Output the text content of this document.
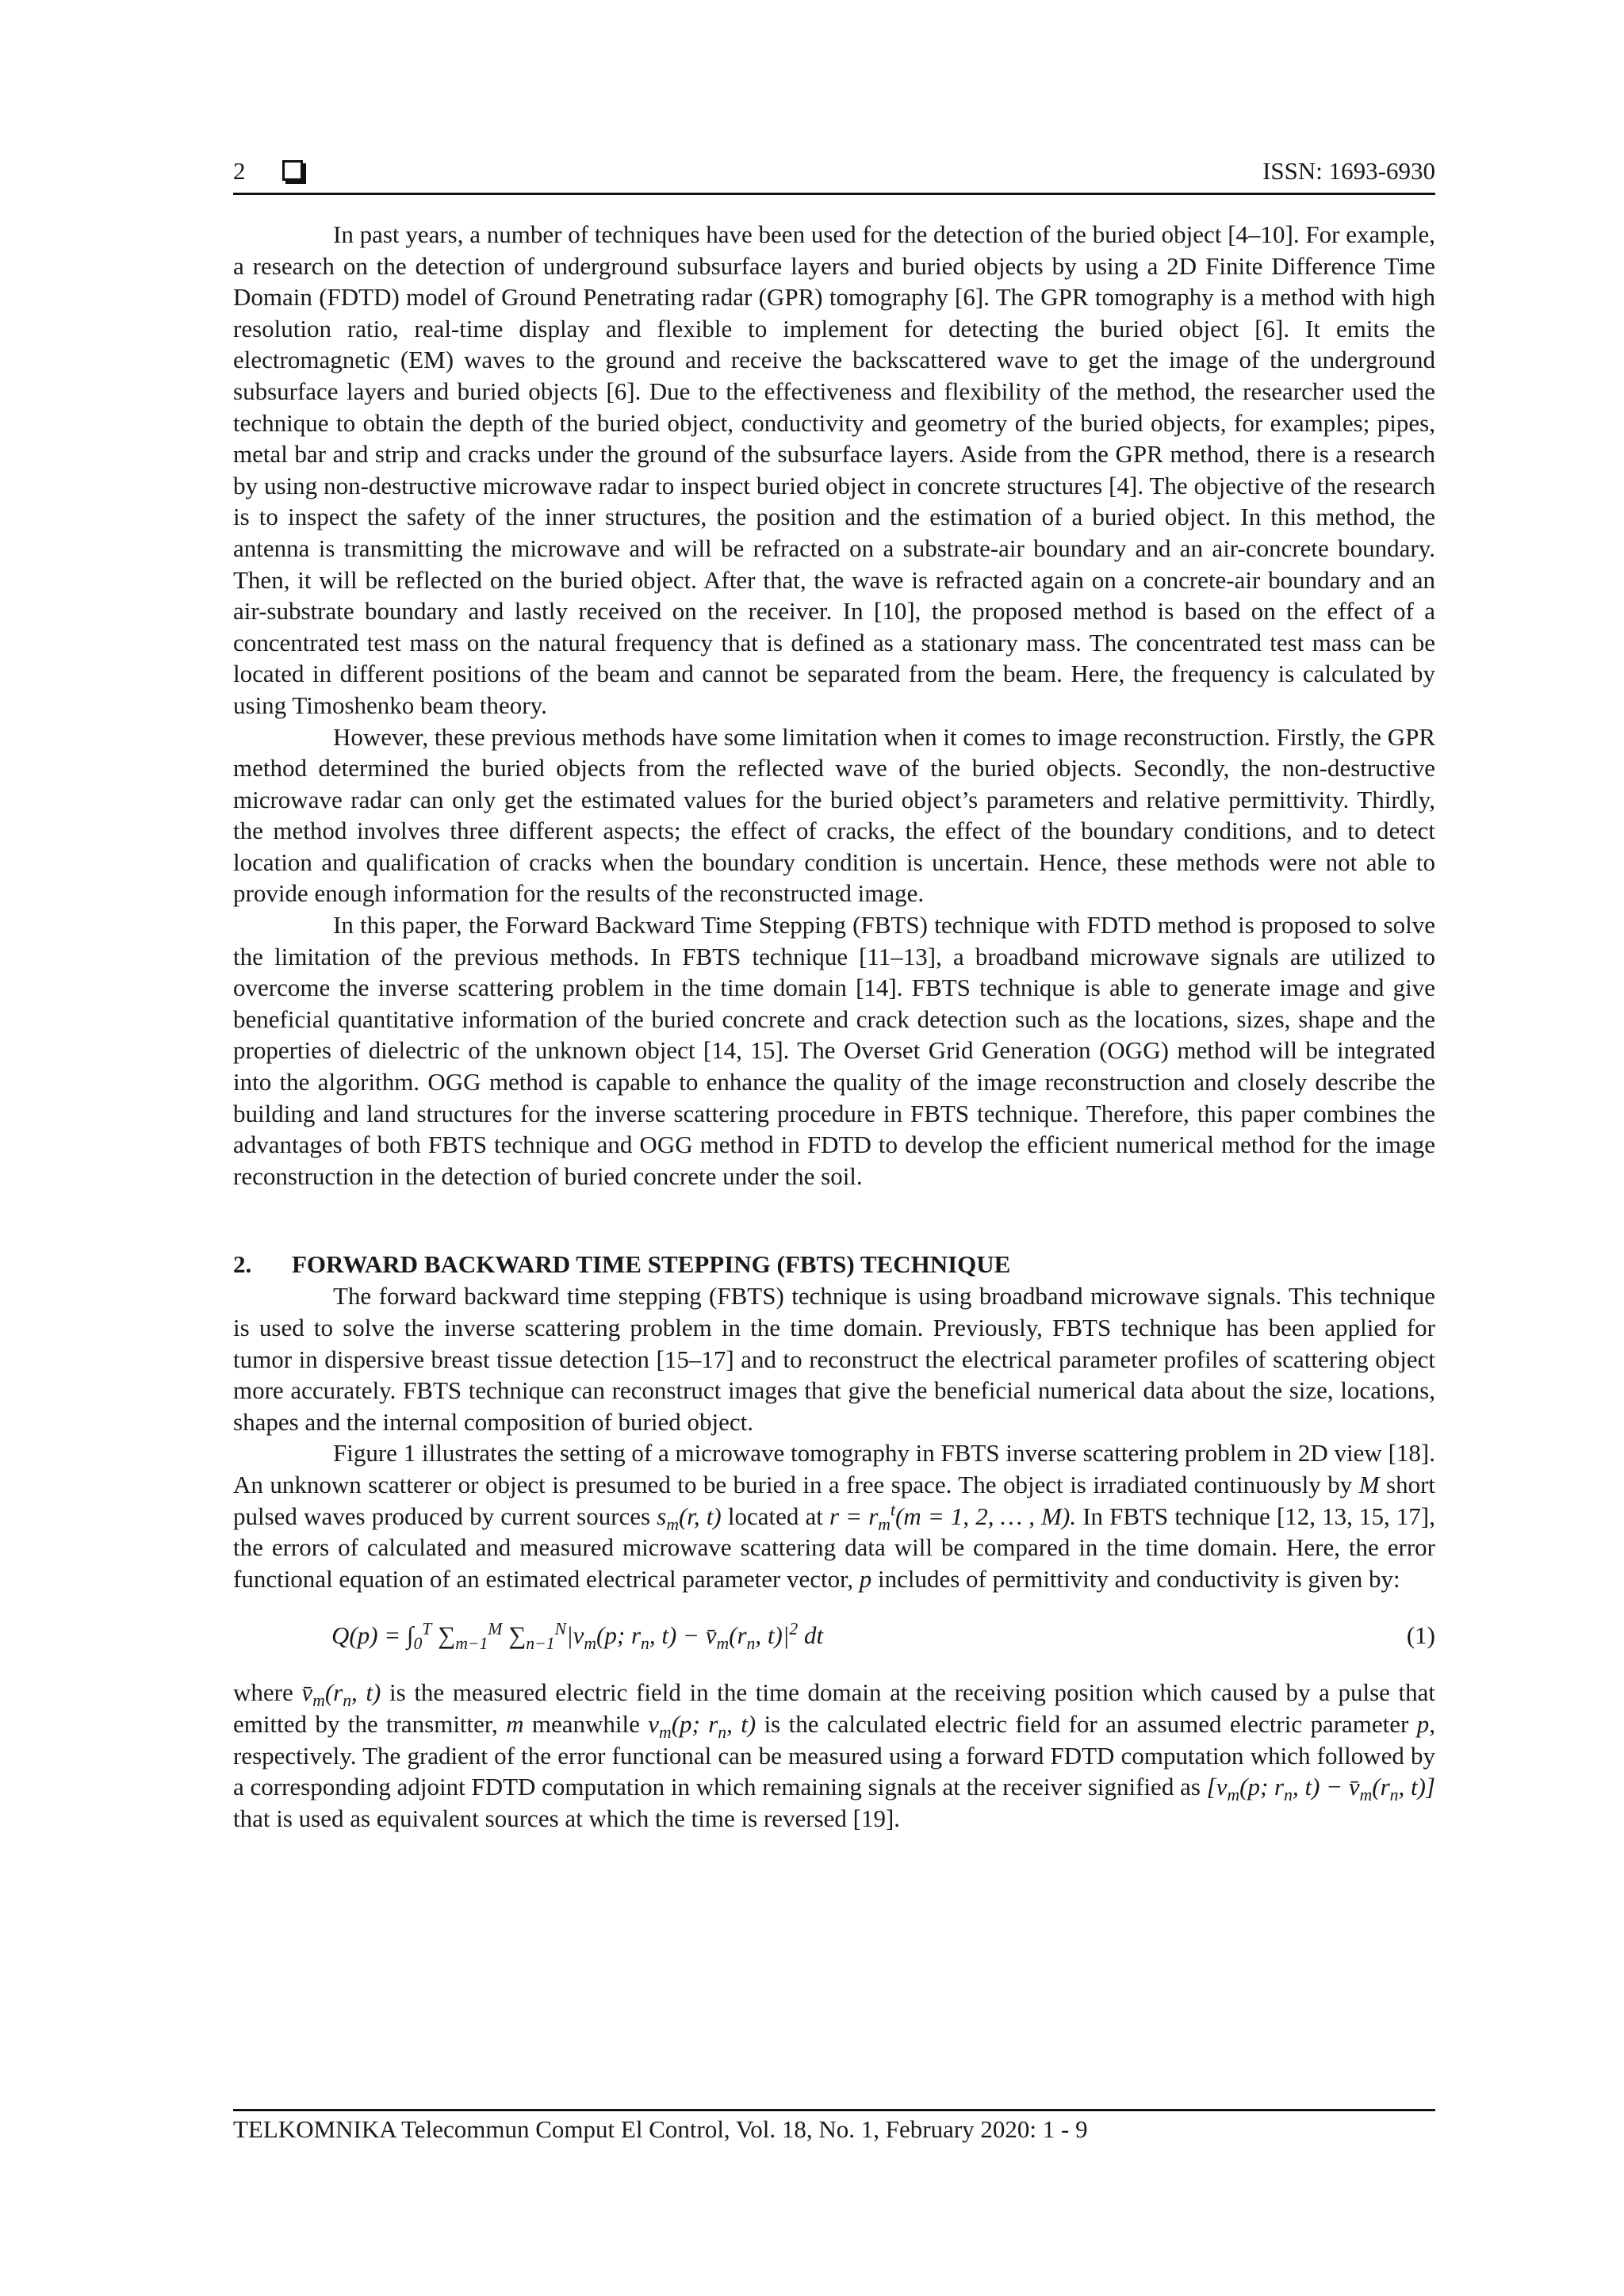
2	ISSN: 1693-6930

In past years, a number of techniques have been used for the detection of the buried object [4–10]. For example, a research on the detection of underground subsurface layers and buried objects by using a 2D Finite Difference Time Domain (FDTD) model of Ground Penetrating radar (GPR) tomography [6]. The GPR tomography is a method with high resolution ratio, real-time display and flexible to implement for detecting the buried object [6]. It emits the electromagnetic (EM) waves to the ground and receive the backscattered wave to get the image of the underground subsurface layers and buried objects [6]. Due to the effectiveness and flexibility of the method, the researcher used the technique to obtain the depth of the buried object, conductivity and geometry of the buried objects, for examples; pipes, metal bar and strip and cracks under the ground of the subsurface layers. Aside from the GPR method, there is a research by using non-destructive microwave radar to inspect buried object in concrete structures [4]. The objective of the research is to inspect the safety of the inner structures, the position and the estimation of a buried object. In this method, the antenna is transmitting the microwave and will be refracted on a substrate-air boundary and an air-concrete boundary. Then, it will be reflected on the buried object. After that, the wave is refracted again on a concrete-air boundary and an air-substrate boundary and lastly received on the receiver. In [10], the proposed method is based on the effect of a concentrated test mass on the natural frequency that is defined as a stationary mass. The concentrated test mass can be located in different positions of the beam and cannot be separated from the beam. Here, the frequency is calculated by using Timoshenko beam theory.

However, these previous methods have some limitation when it comes to image reconstruction. Firstly, the GPR method determined the buried objects from the reflected wave of the buried objects. Secondly, the non-destructive microwave radar can only get the estimated values for the buried object’s parameters and relative permittivity. Thirdly, the method involves three different aspects; the effect of cracks, the effect of the boundary conditions, and to detect location and qualification of cracks when the boundary condition is uncertain. Hence, these methods were not able to provide enough information for the results of the reconstructed image.

In this paper, the Forward Backward Time Stepping (FBTS) technique with FDTD method is proposed to solve the limitation of the previous methods. In FBTS technique [11–13], a broadband microwave signals are utilized to overcome the inverse scattering problem in the time domain [14]. FBTS technique is able to generate image and give beneficial quantitative information of the buried concrete and crack detection such as the locations, sizes, shape and the properties of dielectric of the unknown object [14, 15]. The Overset Grid Generation (OGG) method will be integrated into the algorithm. OGG method is capable to enhance the quality of the image reconstruction and closely describe the building and land structures for the inverse scattering procedure in FBTS technique. Therefore, this paper combines the advantages of both FBTS technique and OGG method in FDTD to develop the efficient numerical method for the image reconstruction in the detection of buried concrete under the soil.

2. FORWARD BACKWARD TIME STEPPING (FBTS) TECHNIQUE

The forward backward time stepping (FBTS) technique is using broadband microwave signals. This technique is used to solve the inverse scattering problem in the time domain. Previously, FBTS technique has been applied for tumor in dispersive breast tissue detection [15–17] and to reconstruct the electrical parameter profiles of scattering object more accurately. FBTS technique can reconstruct images that give the beneficial numerical data about the size, locations, shapes and the internal composition of buried object.

Figure 1 illustrates the setting of a microwave tomography in FBTS inverse scattering problem in 2D view [18]. An unknown scatterer or object is presumed to be buried in a free space. The object is irradiated continuously by M short pulsed waves produced by current sources $s_m(r$, t) located at $r = r_m^t(m = 1$, 2, … , M). In FBTS technique [12, 13, 15, 17], the errors of calculated and measured microwave scattering data will be compared in the time domain. Here, the error functional equation of an estimated electrical parameter vector, p includes of permittivity and conductivity is given by:

$Q(p) = \int_0^T$ $\sum_{m-1}^M$ $\sum_{n-1}^N|v_m(p$; $r_n$, $t) - v̄_m(r_n$, $t)|^2$ dt	(1)

where $v̄_m(r_n$, t) is the measured electric field in the time domain at the receiving position which caused by a pulse that emitted by the transmitter, m meanwhile $v_m(p$; $r_n$, t) is the calculated electric field for an assumed electric parameter p, respectively. The gradient of the error functional can be measured using a forward FDTD computation which followed by a corresponding adjoint FDTD computation in which remaining signals at the receiver signified as [$v_m(p$; $r_n$, $t) - v̄_m(r_n$, t)] that is used as equivalent sources at which the time is reversed [19].

TELKOMNIKA Telecommun Comput El Control, Vol. 18, No. 1, February 2020: 1 - 9
